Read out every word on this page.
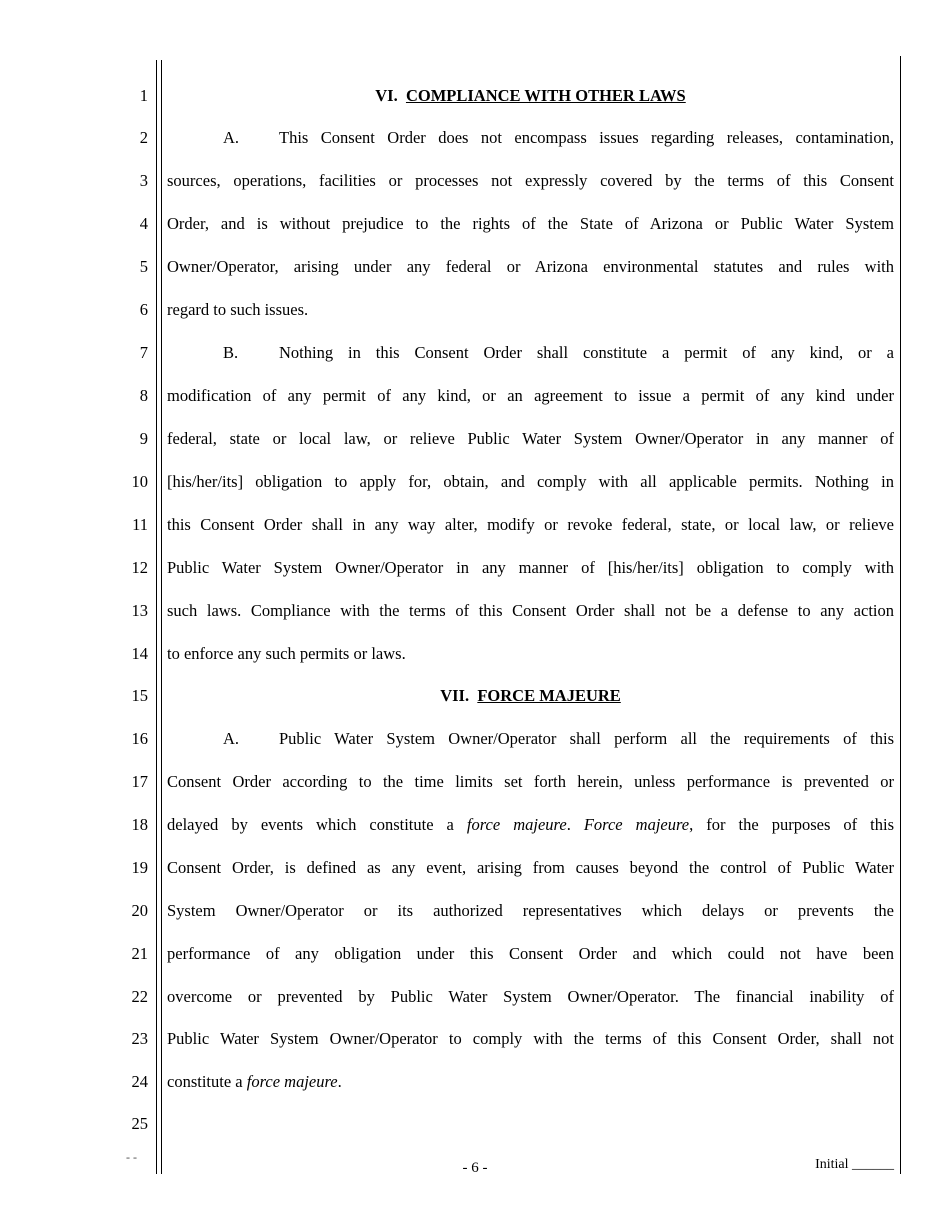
1
2
3
4
5
6
7
8
9
10
11
12
13
14
15
16
17
18
19
20
21
22
23
24
25
- -
VI. COMPLIANCE WITH OTHER LAWS
A. This Consent Order does not encompass issues regarding releases, contamination,
sources, operations, facilities or processes not expressly covered by the terms of this Consent
Order, and is without prejudice to the rights of the State of Arizona or Public Water System
Owner/Operator, arising under any federal or Arizona environmental statutes and rules with
regard to such issues.
B. Nothing in this Consent Order shall constitute a permit of any kind, or a
modification of any permit of any kind, or an agreement to issue a permit of any kind under
federal, state or local law, or relieve Public Water System Owner/Operator in any manner of
[his/her/its] obligation to apply for, obtain, and comply with all applicable permits. Nothing in
this Consent Order shall in any way alter, modify or revoke federal, state, or local law, or relieve
Public Water System Owner/Operator in any manner of [his/her/its] obligation to comply with
such laws. Compliance with the terms of this Consent Order shall not be a defense to any action
to enforce any such permits or laws.
VII. FORCE MAJEURE
A. Public Water System Owner/Operator shall perform all the requirements of this
Consent Order according to the time limits set forth herein, unless performance is prevented or
delayed by events which constitute a force majeure. Force majeure, for the purposes of this
Consent Order, is defined as any event, arising from causes beyond the control of Public Water
System Owner/Operator or its authorized representatives which delays or prevents the
performance of any obligation under this Consent Order and which could not have been
overcome or prevented by Public Water System Owner/Operator. The financial inability of
Public Water System Owner/Operator to comply with the terms of this Consent Order, shall not
constitute a force majeure.
- 6 -	Initial ______
